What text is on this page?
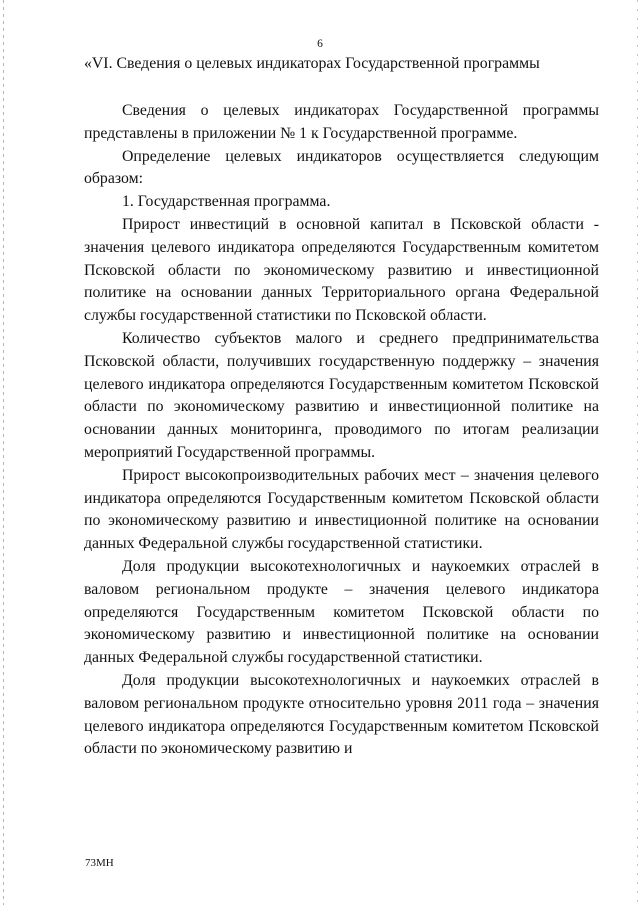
6
«VI. Сведения о целевых индикаторах Государственной программы

Сведения о целевых индикаторах Государственной программы представлены в приложении № 1 к Государственной программе.

Определение целевых индикаторов осуществляется следующим образом:

1. Государственная программа.

Прирост инвестиций в основной капитал в Псковской области - значения целевого индикатора определяются Государственным комитетом Псковской области по экономическому развитию и инвестиционной политике на основании данных Территориального органа Федеральной службы государственной статистики по Псковской области.

Количество субъектов малого и среднего предпринимательства Псковской области, получивших государственную поддержку – значения целевого индикатора определяются Государственным комитетом Псковской области по экономическому развитию и инвестиционной политике на основании данных мониторинга, проводимого по итогам реализации мероприятий Государственной программы.

Прирост высокопроизводительных рабочих мест – значения целевого индикатора определяются Государственным комитетом Псковской области по экономическому развитию и инвестиционной политике на основании данных Федеральной службы государственной статистики.

Доля продукции высокотехнологичных и наукоемких отраслей в валовом региональном продукте – значения целевого индикатора определяются Государственным комитетом Псковской области по экономическому развитию и инвестиционной политике на основании данных Федеральной службы государственной статистики.

Доля продукции высокотехнологичных и наукоемких отраслей в валовом региональном продукте относительно уровня 2011 года – значения целевого индикатора определяются Государственным комитетом Псковской области по экономическому развитию и

73МН
